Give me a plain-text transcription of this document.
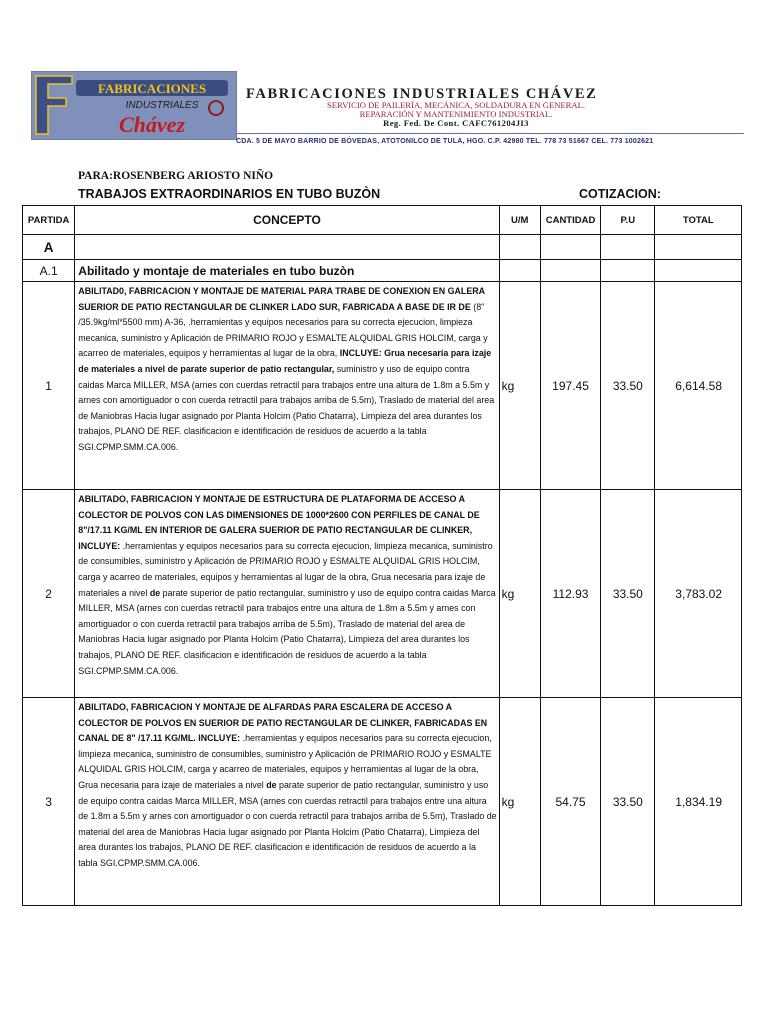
FABRICACIONES
INDUSTRIALES
Chávez
FABRICACIONES INDUSTRIALES CHÁVEZ
SERVICIO DE PAILERÍA, MECÁNICA, SOLDADURA EN GENERAL.
REPARACIÓN Y MANTENIMIENTO INDUSTRIAL.
Reg. Fed. De Cont. CAFC761204JI3
CDA. 5 DE MAYO BARRIO DE BÓVEDAS, ATOTONILCO DE TULA, HGO. C.P. 42980 TEL. 778 73 51667 CEL. 773 1002621
PARA:ROSENBERG ARIOSTO NIÑO
TRABAJOS EXTRAORDINARIOS EN TUBO BUZÒN	COTIZACION:
PARTIDA	CONCEPTO	U/M	CANTIDAD	P.U	TOTAL
A					
A.1	Abilitado y montaje de materiales en tubo buzòn				
1	ABILITAD0, FABRICACION Y MONTAJE DE MATERIAL PARA TRABE DE CONEXION EN GALERA SUERIOR DE PATIO RECTANGULAR DE CLINKER LADO SUR, FABRICADA A BASE DE IR DE (8" /35.9kg/ml*5500 mm) A-36, .herramientas y equipos necesarios para su correcta ejecucion, limpieza mecanica, suministro y Aplicación de PRIMARIO ROJO y ESMALTE ALQUIDAL GRIS HOLCIM, carga y acarreo de materiales, equipos y herramientas al lugar de la obra, INCLUYE: Grua necesaria para izaje de materiales a nivel de parate superior de patio rectangular, suministro y uso de equipo contra caidas Marca MILLER, MSA (arnes con cuerdas retractil para trabajos entre una altura de 1.8m a 5.5m y arnes con amortiguador o con cuerda retractil para trabajos arriba de 5.5m), Traslado de material del area de Maniobras Hacia lugar asignado por Planta Holcim (Patio Chatarra), Limpieza del area durantes los trabajos, PLANO DE REF. clasificacion e identificación de residuos de acuerdo a la tabla SGI.CPMP.SMM.CA.006.	kg	197.45	33.50	6,614.58
2	ABILITADO, FABRICACION Y MONTAJE DE ESTRUCTURA DE PLATAFORMA DE ACCESO A COLECTOR DE POLVOS CON LAS DIMENSIONES DE 1000*2600 CON PERFILES DE CANAL DE 8"/17.11 KG/ML EN INTERIOR DE GALERA SUERIOR DE PATIO RECTANGULAR DE CLINKER, INCLUYE: .herramientas y equipos necesarios para su correcta ejecucion, limpieza mecanica, suministro de consumibles, suministro y Aplicación de PRIMARIO ROJO y ESMALTE ALQUIDAL GRIS HOLCIM, carga y acarreo de materiales, equipos y herramientas al lugar de la obra, Grua necesaria para izaje de materiales a nivel de parate superior de patio rectangular, suministro y uso de equipo contra caidas Marca MILLER, MSA (arnes con cuerdas retractil para trabajos entre una altura de 1.8m a 5.5m y arnes con amortiguador o con cuerda retractil para trabajos arriba de 5.5m), Traslado de material del area de Maniobras Hacia lugar asignado por Planta Holcim (Patio Chatarra), Limpieza del area durantes los trabajos, PLANO DE REF. clasificacion e identificación de residuos de acuerdo a la tabla SGI.CPMP.SMM.CA.006.	kg	112.93	33.50	3,783.02
3	ABILITADO, FABRICACION Y MONTAJE DE ALFARDAS PARA ESCALERA DE ACCESO A COLECTOR DE POLVOS EN SUERIOR DE PATIO RECTANGULAR DE CLINKER, FABRICADAS EN CANAL DE 8" /17.11 KG/ML. INCLUYE: .herramientas y equipos necesarios para su correcta ejecucion, limpieza mecanica, suministro de consumibles, suministro y Aplicación de PRIMARIO ROJO y ESMALTE ALQUIDAL GRIS HOLCIM, carga y acarreo de materiales, equipos y herramientas al lugar de la obra, Grua necesaria para izaje de materiales a nivel de parate superior de patio rectangular, suministro y uso de equipo contra caidas Marca MILLER, MSA (arnes con cuerdas retractil para trabajos entre una altura de 1.8m a 5.5m y arnes con amortiguador o con cuerda retractil para trabajos arriba de 5.5m), Traslado de material del area de Maniobras Hacia lugar asignado por Planta Holcim (Patio Chatarra), Limpieza del area durantes los trabajos, PLANO DE REF. clasificacion e identificación de residuos de acuerdo a la tabla SGI.CPMP.SMM.CA.006.	kg	54.75	33.50	1,834.19
